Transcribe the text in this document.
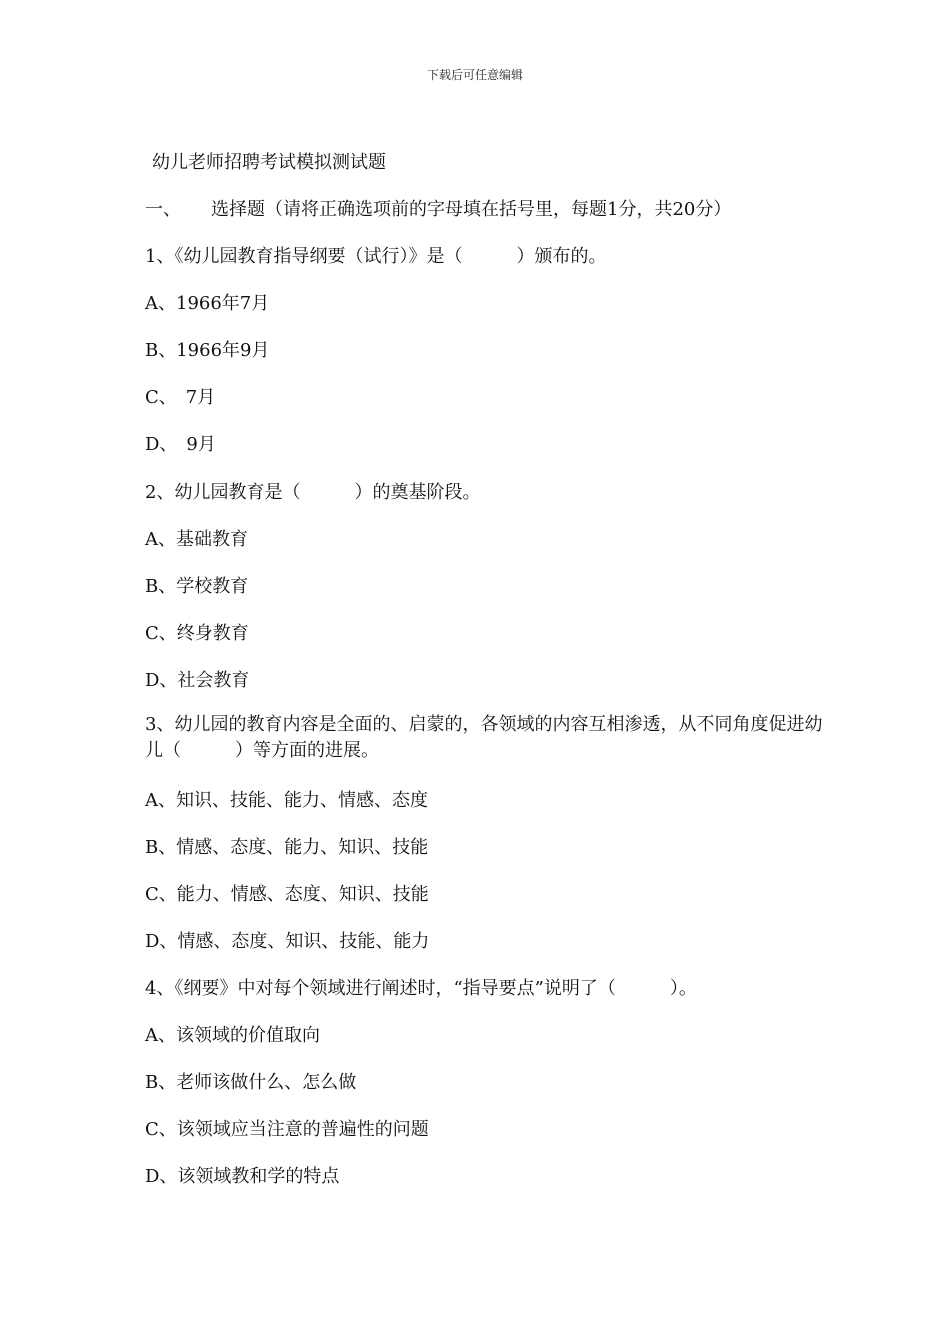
下载后可任意编辑
幼儿老师招聘考试模拟测试题
一、 选择题（请将正确选项前的字母填在括号里，每题1分，共20分）
1、《幼儿园教育指导纲要（试行）》是（　　　）颁布的。
A、1966年7月
B、1966年9月
C、　7月
D、　9月
2、幼儿园教育是（　　　）的奠基阶段。
A、基础教育
B、学校教育
C、终身教育
D、社会教育
3、幼儿园的教育内容是全面的、启蒙的，各领域的内容互相渗透，从不同角度促进幼儿（　　　）等方面的进展。
A、知识、技能、能力、情感、态度
B、情感、态度、能力、知识、技能
C、能力、情感、态度、知识、技能
D、情感、态度、知识、技能、能力
4、《纲要》中对每个领域进行阐述时，“指导要点”说明了（　　　）。
A、该领域的价值取向
B、老师该做什么、怎么做
C、该领域应当注意的普遍性的问题
D、该领域教和学的特点
